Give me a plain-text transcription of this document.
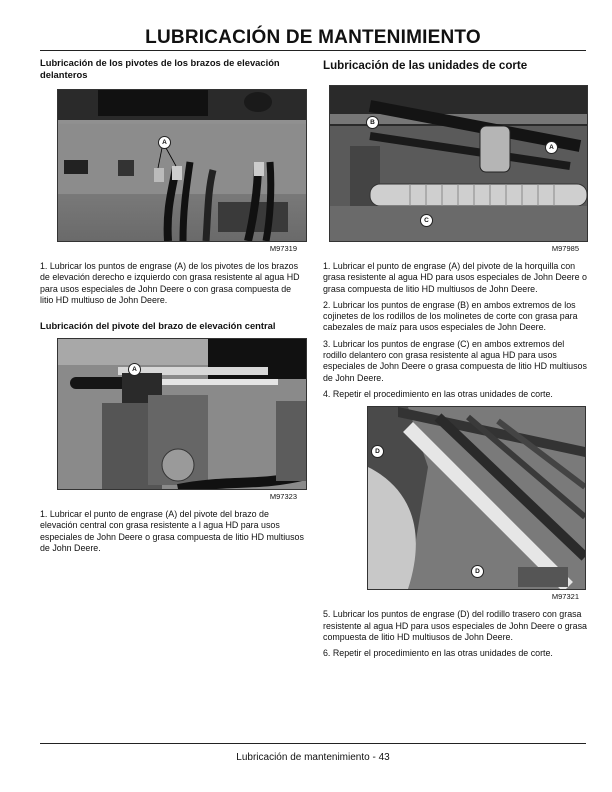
LUBRICACIÓN DE MANTENIMIENTO
Lubricación de los pivotes de los brazos de elevación delanteros
A
M97319

1. Lubricar los puntos de engrase (A) de los pivotes de los brazos de elevación derecho e izquierdo con grasa resistente al agua HD para usos especiales de John Deere o con grasa compuesta de litio HD multiuso de John Deere.

Lubricación del pivote del brazo de elevación central
A
M97323

1. Lubricar el punto de engrase (A) del pivote del brazo de elevación central con grasa resistente a l agua HD para usos especiales de John Deere o grasa compuesta de litio HD multiusos de John Deere.

Lubricación de las unidades de corte
B
A
C
M97985

1. Lubricar el punto de engrase (A) del pivote de la horquilla con grasa resistente al agua HD para usos especiales de John Deere o grasa compuesta de litio HD multiusos de John Deere.

2. Lubricar los puntos de engrase (B) en ambos extremos de los cojinetes de los rodillos de los molinetes de corte con grasa para cabezales de maíz para usos especiales de John Deere.

3. Lubricar los puntos de engrase (C) en ambos extremos del rodillo delantero con grasa resistente al agua HD para usos especiales de John Deere o grasa compuesta de litio HD multiusos de John Deere.

4. Repetir el procedimiento en las otras unidades de corte.

D
D
M97321

5. Lubricar los puntos de engrase (D) del rodillo trasero con grasa resistente al agua HD para usos especiales de John Deere o grasa compuesta de litio HD multiusos de John Deere.

6. Repetir el procedimiento en las otras unidades de corte.

Lubricación de mantenimiento - 43
